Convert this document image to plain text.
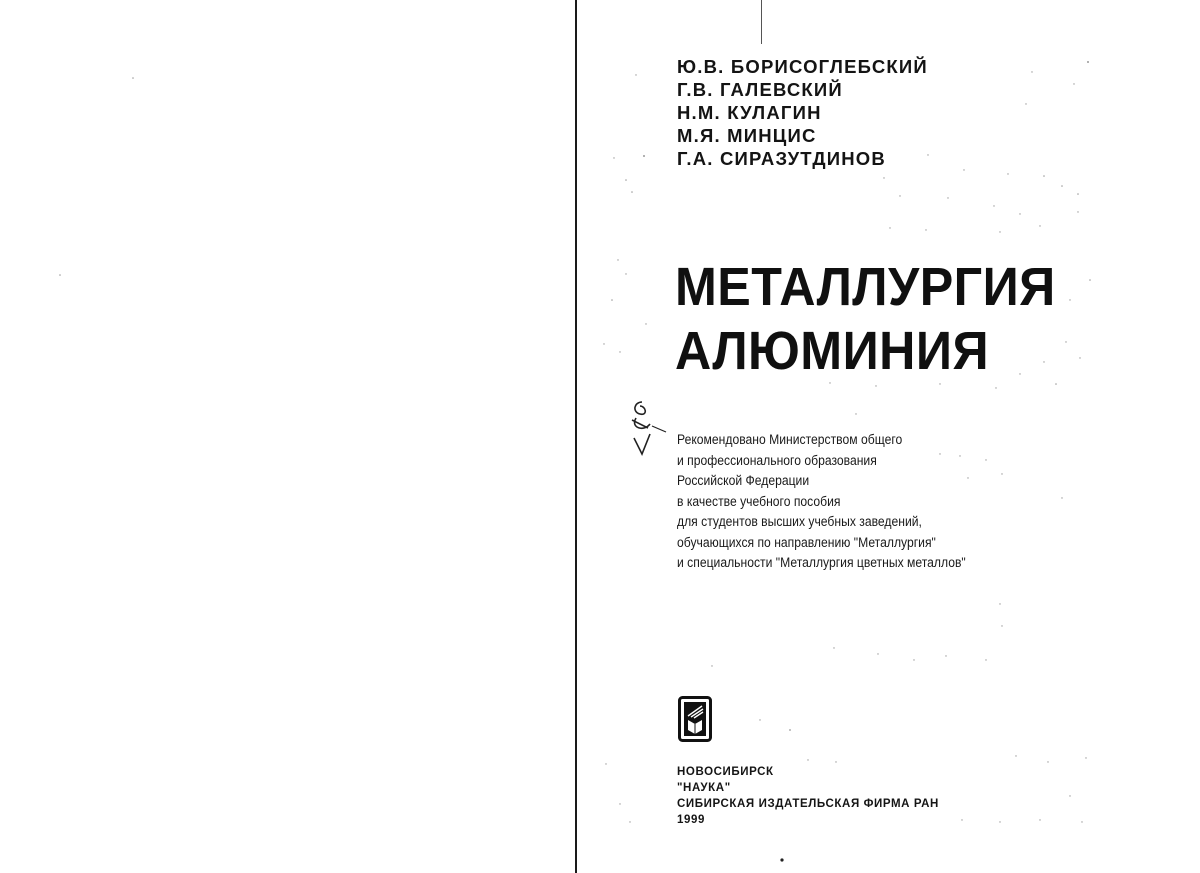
Ю.В. БОРИСОГЛЕБСКИЙ
Г.В. ГАЛЕВСКИЙ
Н.М. КУЛАГИН
М.Я. МИНЦИС
Г.А. СИРАЗУТДИНОВ
МЕТАЛЛУРГИЯ
АЛЮМИНИЯ
Рекомендовано Министерством общего
и профессионального образования
Российской Федерации
в качестве учебного пособия
для студентов высших учебных заведений,
обучающихся по направлению "Металлургия"
и специальности "Металлургия цветных металлов"
НОВОСИБИРСК
"НАУКА"
СИБИРСКАЯ ИЗДАТЕЛЬСКАЯ ФИРМА РАН
1999
